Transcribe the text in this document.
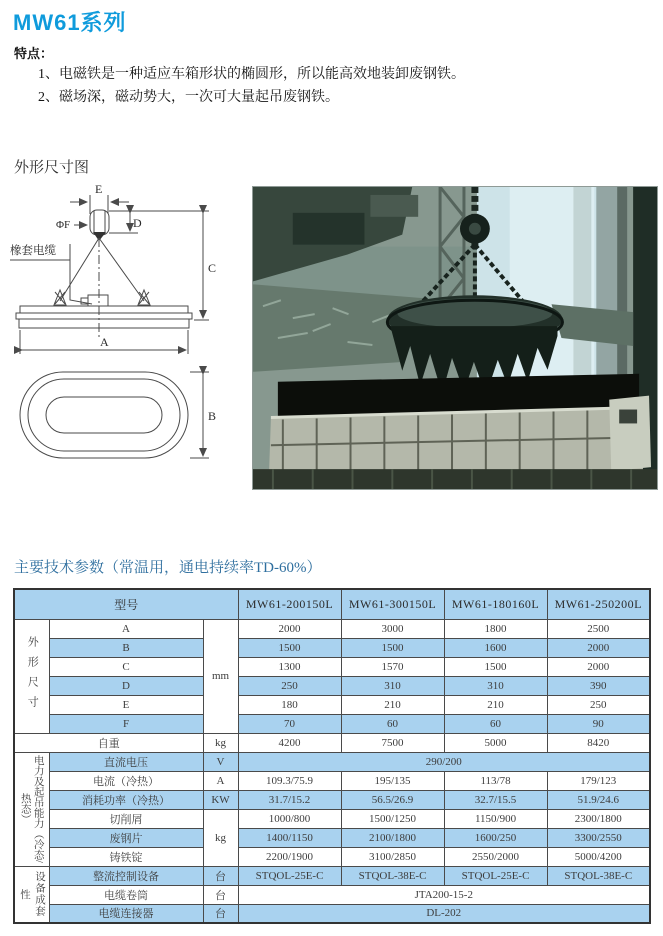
MW61系列
特点：
1、电磁铁是一种适应车箱形状的椭圆形，所以能高效地装卸废钢铁。
2、磁场深，磁动势大，一次可大量起吊废钢铁。
外形尺寸图
E
ΦF	D
C
A
B
橡套电缆
主要技术参数（常温用，通电持续率TD-60%）
型号			MW61-200150L	MW61-300150L	MW61-180160L	MW61-250200L

外形尺寸	A	mm	2000	3000	1800	2500
	B		1500	1500	1600	2000
	C		1300	1570	1500	2000
	D		250	310	310	390
	E		180	210	210	250
	F		70	60	60	90
自重		kg	4200	7500	5000	8420

电力及起吊能力（冷态/热态）	直流电压	V	290/200			
	电流（冷热）	A	109.3/75.9	195/135	113/78	179/123
	消耗功率（冷热）	KW	31.7/15.2	56.5/26.9	32.7/15.5	51.9/24.6
	切削屑	kg	1000/800	1500/1250	1150/900	2300/1800
	废钢片		1400/1150	2100/1800	1600/250	3300/2550
	铸铁锭		2200/1900	3100/2850	2550/2000	5000/4200

设备成套性	整流控制设备	台	STQOL-25E-C	STQOL-38E-C	STQOL-25E-C	STQOL-38E-C
	电缆卷筒	台	JTA200-15-2			
	电缆连接器	台	DL-202			
